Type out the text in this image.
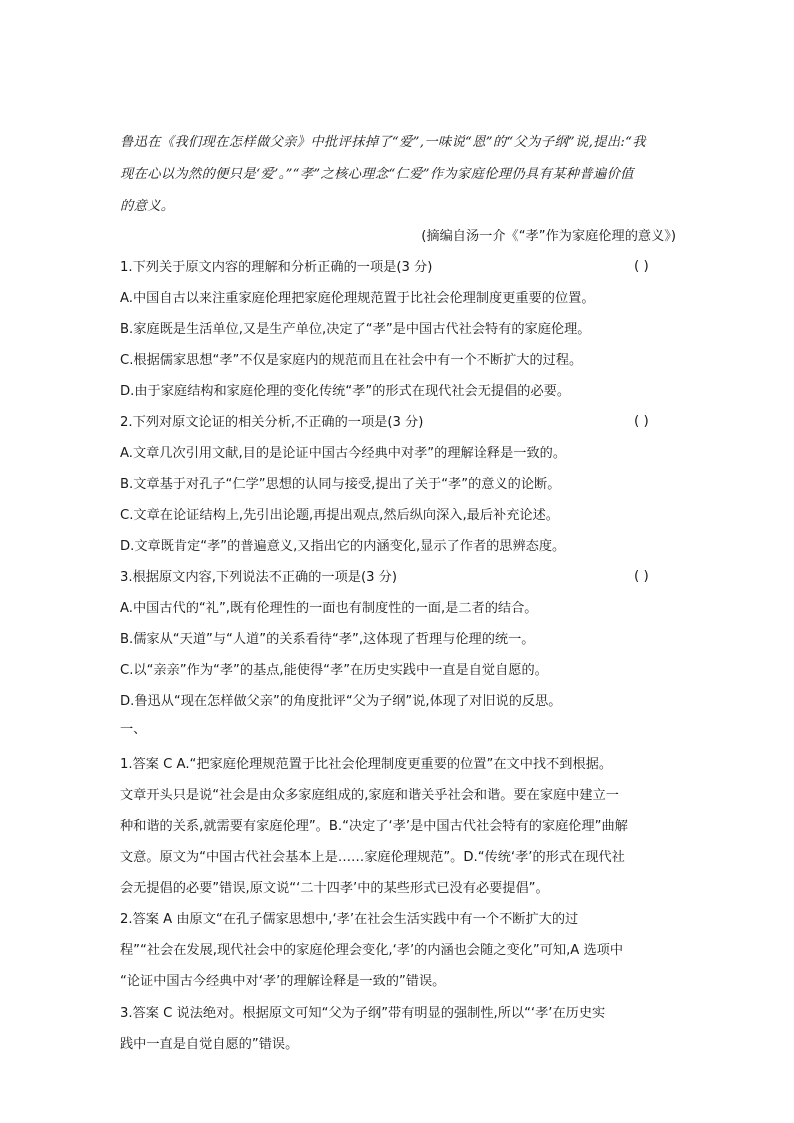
鲁迅在《我们现在怎样做父亲》中批评抹掉了“爱”,一味说“恩”的“父为子纲”说,提出:“我
现在心以为然的便只是‘爱’。”“孝”之核心理念“仁爱”作为家庭伦理仍具有某种普遍价值
的意义。
(摘编自汤一介《“孝”作为家庭伦理的意义》)
1.下列关于原文内容的理解和分析正确的一项是(3 分)	( )
A.中国自古以来注重家庭伦理把家庭伦理规范置于比社会伦理制度更重要的位置。
B.家庭既是生活单位,又是生产单位,决定了“孝”是中国古代社会特有的家庭伦理。
C.根据儒家思想“孝”不仅是家庭内的规范而且在社会中有一个不断扩大的过程。
D.由于家庭结构和家庭伦理的变化传统“孝”的形式在现代社会无提倡的必要。
2.下列对原文论证的相关分析,不正确的一项是(3 分)	( )
A.文章几次引用文献,目的是论证中国古今经典中对孝”的理解诠释是一致的。
B.文章基于对孔子“仁学”思想的认同与接受,提出了关于“孝”的意义的论断。
C.文章在论证结构上,先引出论题,再提出观点,然后纵向深入,最后补充论述。
D.文章既肯定“孝”的普遍意义,又指出它的内涵变化,显示了作者的思辨态度。
3.根据原文内容,下列说法不正确的一项是(3 分)	( )
A.中国古代的“礼”,既有伦理性的一面也有制度性的一面,是二者的结合。
B.儒家从“天道”与“人道”的关系看待“孝”,这体现了哲理与伦理的统一。
C.以“亲亲”作为“孝”的基点,能使得“孝”在历史实践中一直是自觉自愿的。
D.鲁迅从“现在怎样做父亲”的角度批评“父为子纲”说,体现了对旧说的反思。
一、
1.答案 C A.“把家庭伦理规范置于比社会伦理制度更重要的位置”在文中找不到根据。
文章开头只是说“社会是由众多家庭组成的,家庭和谐关乎社会和谐。要在家庭中建立一
种和谐的关系,就需要有家庭伦理”。B.“决定了‘孝’是中国古代社会特有的家庭伦理”曲解
文意。原文为“中国古代社会基本上是……家庭伦理规范”。D.“传统‘孝’的形式在现代社
会无提倡的必要”错误,原文说“‘二十四孝’中的某些形式已没有必要提倡”。
2.答案 A 由原文“在孔子儒家思想中,‘孝’在社会生活实践中有一个不断扩大的过
程”“社会在发展,现代社会中的家庭伦理会变化,‘孝’的内涵也会随之变化”可知,A 选项中
“论证中国古今经典中对‘孝’的理解诠释是一致的”错误。
3.答案 C 说法绝对。根据原文可知“父为子纲”带有明显的强制性,所以“‘孝’在历史实
践中一直是自觉自愿的”错误。
